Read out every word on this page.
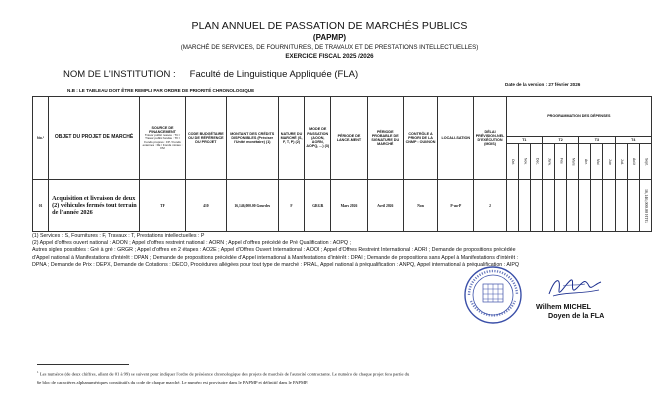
PLAN ANNUEL DE PASSATION DE MARCHÉS PUBLICS
(PAPMP)
(MARCHÉ DE SERVICES, DE FOURNITURES, DE TRAVAUX ET DE PRESTATIONS INTELLECTUELLES)
EXERCICE FISCAL 2025 /2026
NOM DE L'INSTITUTION : Faculté de Linguistique Appliquée (FLA)
Date de la version : 27 février 2026
N.B : LE TABLEAU DOIT ÊTRE REMPLI PAR ORDRE DE PRIORITÉ CHRONOLOGIQUE
No.¹	OBJET DU PROJET DE MARCHÉ	SOURCE DE FINANCEMENT
Trésor public ressou : TC / Trésor public fondsu : TF / Fonds propres : FP / Fonds externes : FE / Fonds mixtes : FM	CODE BUDGÉTAIRE OU DE RÉFÉRENCE DU PROJET	MONTANT DES CRÉDITS DISPONIBLES (Préciser l'Unité monétaire) (1)	NATURE DU MARCHÉ (S, F, T, P) (2)	MODE DE PASSATION (AOON, AORN, AOPQ, ...) (3)	PÉRIODE DE LANCE-MENT	PÉRIODE PROBABLE DE SIGNATURE DU MARCHÉ	CONTRÔLE A PRIORI DE LA CNMP : OUI/NON	LOCALI-SATION	DÉLAI PRÉVISION-NEL D'EXÉCUTION (MOIS)	PROGRAMMATION DES DÉPENSES											
												T1			T2			T3			T4		
												Oct.	Nov.	Déc.	Janv.	Fév.	Mars	Avr.	Mai	Juin	Juil.	Août	Sept.
01	Acquisition et livraison de deux (2) véhicules fermés tout terrain de l'année 2026	TF	410	16,146,000.00 Gourdes	F	GRGR	Mars 2026	Avril 2026	Non	P-au-P	2												16,146,000.00 HTG

(1) Services : S, Fournitures : F, Travaux : T, Prestations intellectuelles : P

(2) Appel d'offres ouvert national : AOON ; Appel d'offres restreint national : AORN ; Appel d'offres précédé de Pré Qualification : AOPQ ;

Autres sigles possibles : Gré à gré : GRGR ; Appel d'offres en 2 étapes : AO2E ; Appel d'Offres Ouvert International : AOOI ; Appel d'Offres Restreint International : AORI ; Demande de propositions précédée

d'Appel national à Manifestations d'intérêt : DPAN ; Demande de propositions précédée d'Appel international à Manifestations d'intérêt : DPAI ; Demande de propositions sans Appel à Manifestations d'intérêt :

DPNA ; Demande de Prix : DEPX, Demande de Cotations : DECO, Procédures allégées pour tout type de marché : PRAL, Appel national à préqualification : ANPQ, Appel international à préqualification : AIPQ

Wilhem MICHEL
Doyen de la FLA
$^1$ Les numéros (de deux chiffres, allant de 01 à 99) se suivent pour indiquer l'ordre de préséance chronologique des projets de marchés de l'autorité contractante. Le numéro de chaque projet fera partie du
6e bloc de caractères alphanumériques constitutifs du code de chaque marché. Le numéro est provisoire dans le PAPMP et définitif dans le PAPMP.
